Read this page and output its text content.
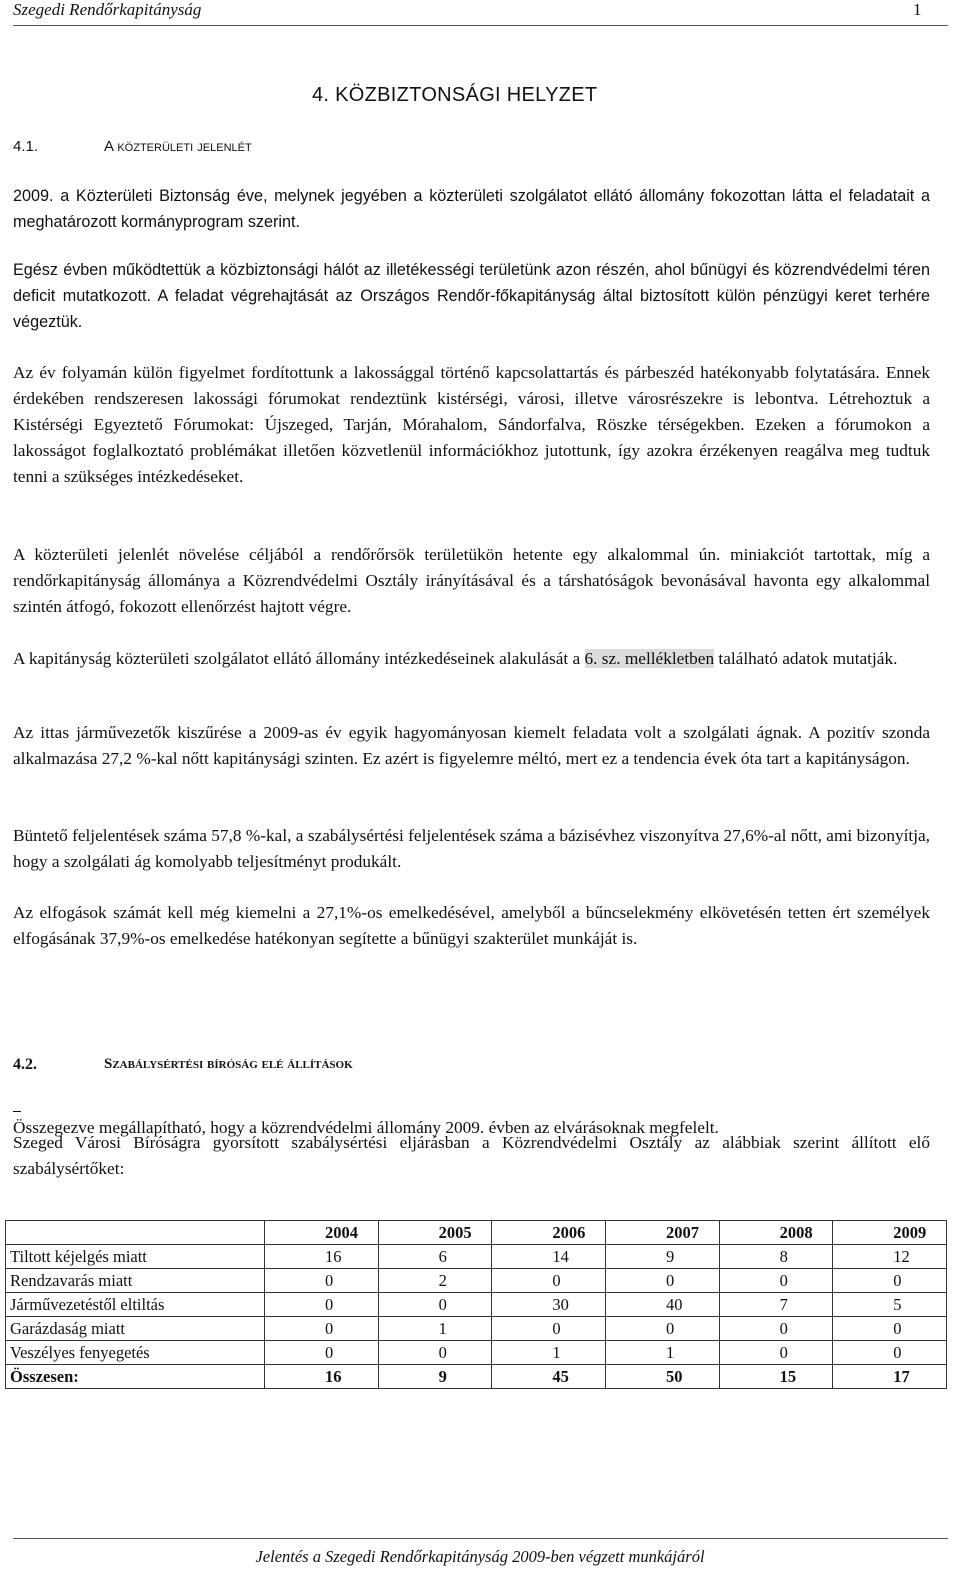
Szegedi Rendőrkapitányság	1
4. KÖZBIZTONSÁGI HELYZET
4.1.	A közterületi jelenlét

2009. a Közterületi Biztonság éve, melynek jegyében a közterületi szolgálatot ellátó állomány fokozottan látta el feladatait a meghatározott kormányprogram szerint.

Egész évben működtettük a közbiztonsági hálót az illetékességi területünk azon részén, ahol bűnügyi és közrendvédelmi téren deficit mutatkozott. A feladat végrehajtását az Országos Rendőr-főkapitányság által biztosított külön pénzügyi keret terhére végeztük.

Az év folyamán külön figyelmet fordítottunk a lakossággal történő kapcsolattartás és párbeszéd hatékonyabb folytatására. Ennek érdekében rendszeresen lakossági fórumokat rendeztünk kistérségi, városi, illetve városrészekre is lebontva. Létrehoztuk a Kistérségi Egyeztető Fórumokat: Újszeged, Tarján, Mórahalom, Sándorfalva, Röszke térségekben. Ezeken a fórumokon a lakosságot foglalkoztató problémákat illetően közvetlenül információkhoz jutottunk, így azokra érzékenyen reagálva meg tudtuk tenni a szükséges intézkedéseket.

A közterületi jelenlét növelése céljából a rendőrőrsök területükön hetente egy alkalommal ún. miniakciót tartottak, míg a rendőrkapitányság állománya a Közrendvédelmi Osztály irányításával és a társhatóságok bevonásával havonta egy alkalommal szintén átfogó, fokozott ellenőrzést hajtott végre.

A kapitányság közterületi szolgálatot ellátó állomány intézkedéseinek alakulását a 6. sz. mellékletben található adatok mutatják.

Az ittas járművezetők kiszűrése a 2009-as év egyik hagyományosan kiemelt feladata volt a szolgálati ágnak. A pozitív szonda alkalmazása 27,2 %-kal nőtt kapitánysági szinten. Ez azért is figyelemre méltó, mert ez a tendencia évek óta tart a kapitányságon.

Büntető feljelentések száma 57,8 %-kal, a szabálysértési feljelentések száma a bázisévhez viszonyítva 27,6%-al nőtt, ami bizonyítja, hogy a szolgálati ág komolyabb teljesítményt produkált.

Az elfogások számát kell még kiemelni a 27,1%-os emelkedésével, amelyből a bűncselekmény elkövetésén tetten ért személyek elfogásának 37,9%-os emelkedése hatékonyan segítette a bűnügyi szakterület munkáját is.

Összegezve megállapítható, hogy a közrendvédelmi állomány 2009. évben az elvárásoknak megfelelt.

4.2.	Szabálysértési bíróság elé állítások

Szeged Városi Bíróságra gyorsított szabálysértési eljárásban a Közrendvédelmi Osztály az alábbiak szerint állított elő szabálysértőket:

	2004	2005	2006	2007	2008	2009
Tiltott kéjelgés miatt	16	6	14	9	8	12
Rendzavarás miatt	0	2	0	0	0	0
Járművezetéstől eltiltás	0	0	30	40	7	5
Garázdaság miatt	0	1	0	0	0	0
Veszélyes fenyegetés	0	0	1	1	0	0
Összesen:	16	9	45	50	15	17
Jelentés a Szegedi Rendőrkapitányság 2009-ben végzett munkájáról
